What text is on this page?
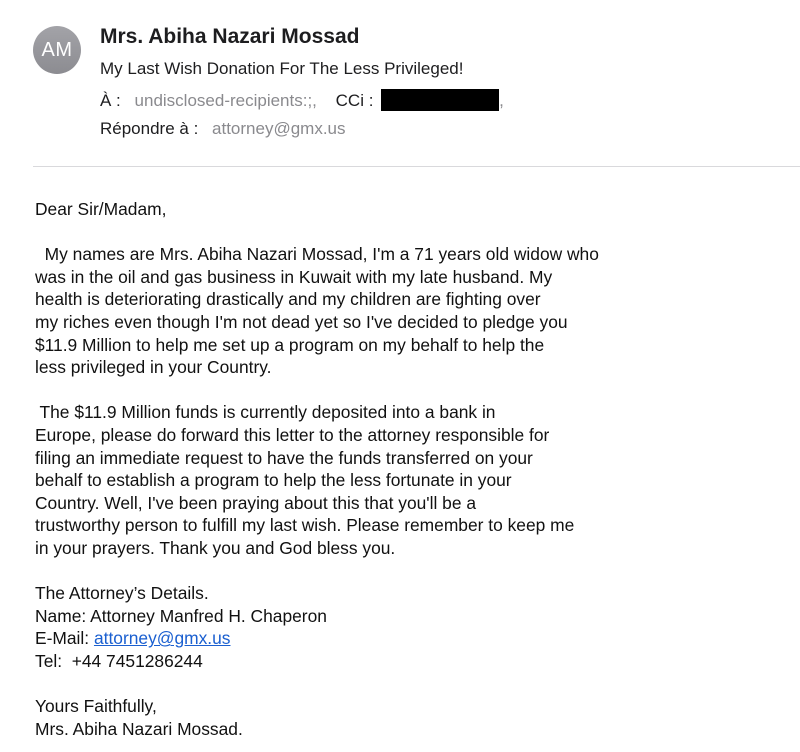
AM
Mrs. Abiha Nazari Mossad
My Last Wish Donation For The Less Privileged!
À : undisclosed-recipients:;, CCi :	,
Répondre à : attorney@gmx.us
Dear Sir/Madam,
My names are Mrs. Abiha Nazari Mossad, I'm a 71 years old widow who
was in the oil and gas business in Kuwait with my late husband. My
health is deteriorating drastically and my children are fighting over
my riches even though I'm not dead yet so I've decided to pledge you
$11.9 Million to help me set up a program on my behalf to help the
less privileged in your Country.
The $11.9 Million funds is currently deposited into a bank in
Europe, please do forward this letter to the attorney responsible for
filing an immediate request to have the funds transferred on your
behalf to establish a program to help the less fortunate in your
Country. Well, I've been praying about this that you'll be a
trustworthy person to fulfill my last wish. Please remember to keep me
in your prayers. Thank you and God bless you.
The Attorney’s Details.
Name: Attorney Manfred H. Chaperon
E-Mail: attorney@gmx.us
Tel:  +44 7451286244
Yours Faithfully,
Mrs. Abiha Nazari Mossad.
